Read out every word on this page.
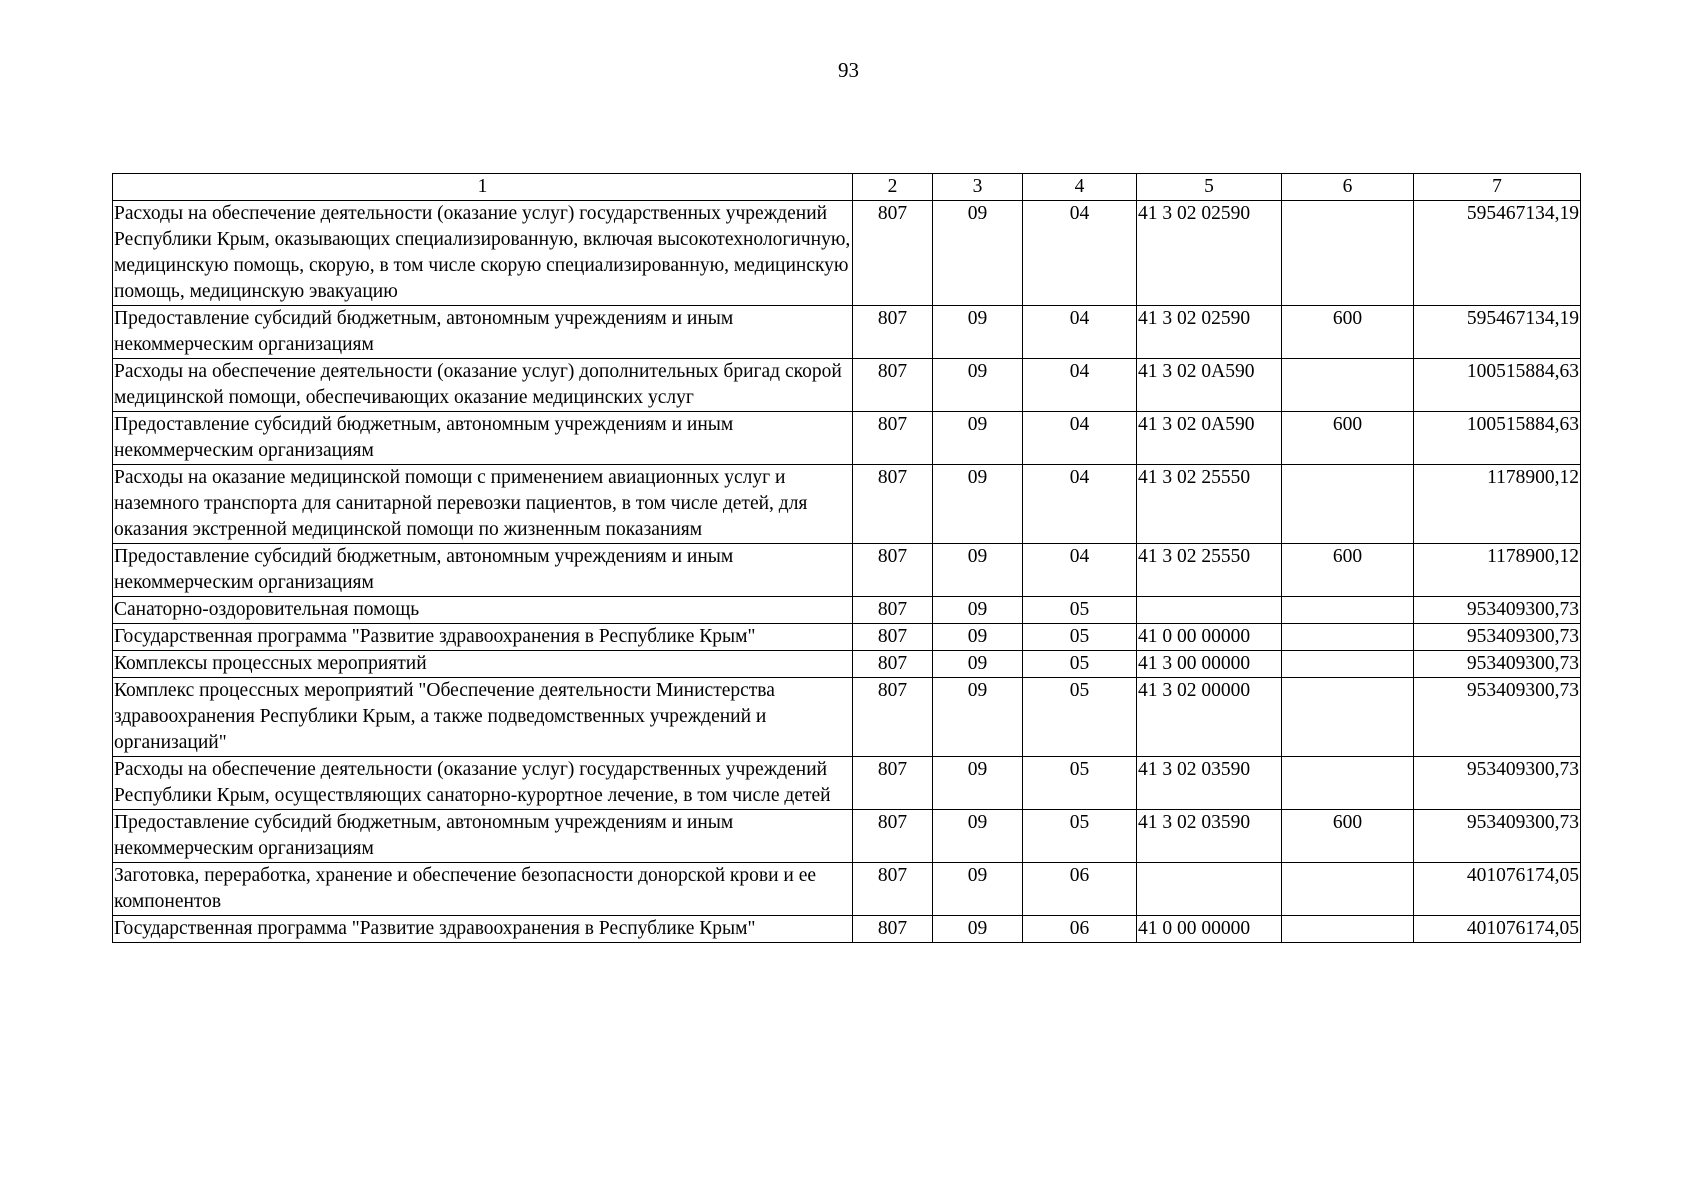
93
1	2	3	4	5	6	7
Расходы на обеспечение деятельности (оказание услуг) государственных учреждений Республики Крым, оказывающих специализированную, включая высокотехнологичную, медицинскую помощь, скорую, в том числе скорую специализированную, медицинскую помощь, медицинскую эвакуацию	807	09	04	41 3 02 02590		595467134,19
Предоставление субсидий бюджетным, автономным учреждениям и иным некоммерческим организациям	807	09	04	41 3 02 02590	600	595467134,19
Расходы на обеспечение деятельности (оказание услуг) дополнительных бригад скорой медицинской помощи, обеспечивающих оказание медицинских услуг	807	09	04	41 3 02 0А590		100515884,63
Предоставление субсидий бюджетным, автономным учреждениям и иным некоммерческим организациям	807	09	04	41 3 02 0А590	600	100515884,63
Расходы на оказание медицинской помощи с применением авиационных услуг и наземного транспорта для санитарной перевозки пациентов, в том числе детей, для оказания экстренной медицинской помощи по жизненным показаниям	807	09	04	41 3 02 25550		1178900,12
Предоставление субсидий бюджетным, автономным учреждениям и иным некоммерческим организациям	807	09	04	41 3 02 25550	600	1178900,12
Санаторно-оздоровительная помощь	807	09	05			953409300,73
Государственная программа "Развитие здравоохранения в Республике Крым"	807	09	05	41 0 00 00000		953409300,73
Комплексы процессных мероприятий	807	09	05	41 3 00 00000		953409300,73
Комплекс процессных мероприятий "Обеспечение деятельности Министерства здравоохранения Республики Крым, а также подведомственных учреждений и организаций"	807	09	05	41 3 02 00000		953409300,73
Расходы на обеспечение деятельности (оказание услуг) государственных учреждений Республики Крым, осуществляющих санаторно-курортное лечение, в том числе детей	807	09	05	41 3 02 03590		953409300,73
Предоставление субсидий бюджетным, автономным учреждениям и иным некоммерческим организациям	807	09	05	41 3 02 03590	600	953409300,73
Заготовка, переработка, хранение и обеспечение безопасности донорской крови и ее компонентов	807	09	06			401076174,05
Государственная программа "Развитие здравоохранения в Республике Крым"	807	09	06	41 0 00 00000		401076174,05
